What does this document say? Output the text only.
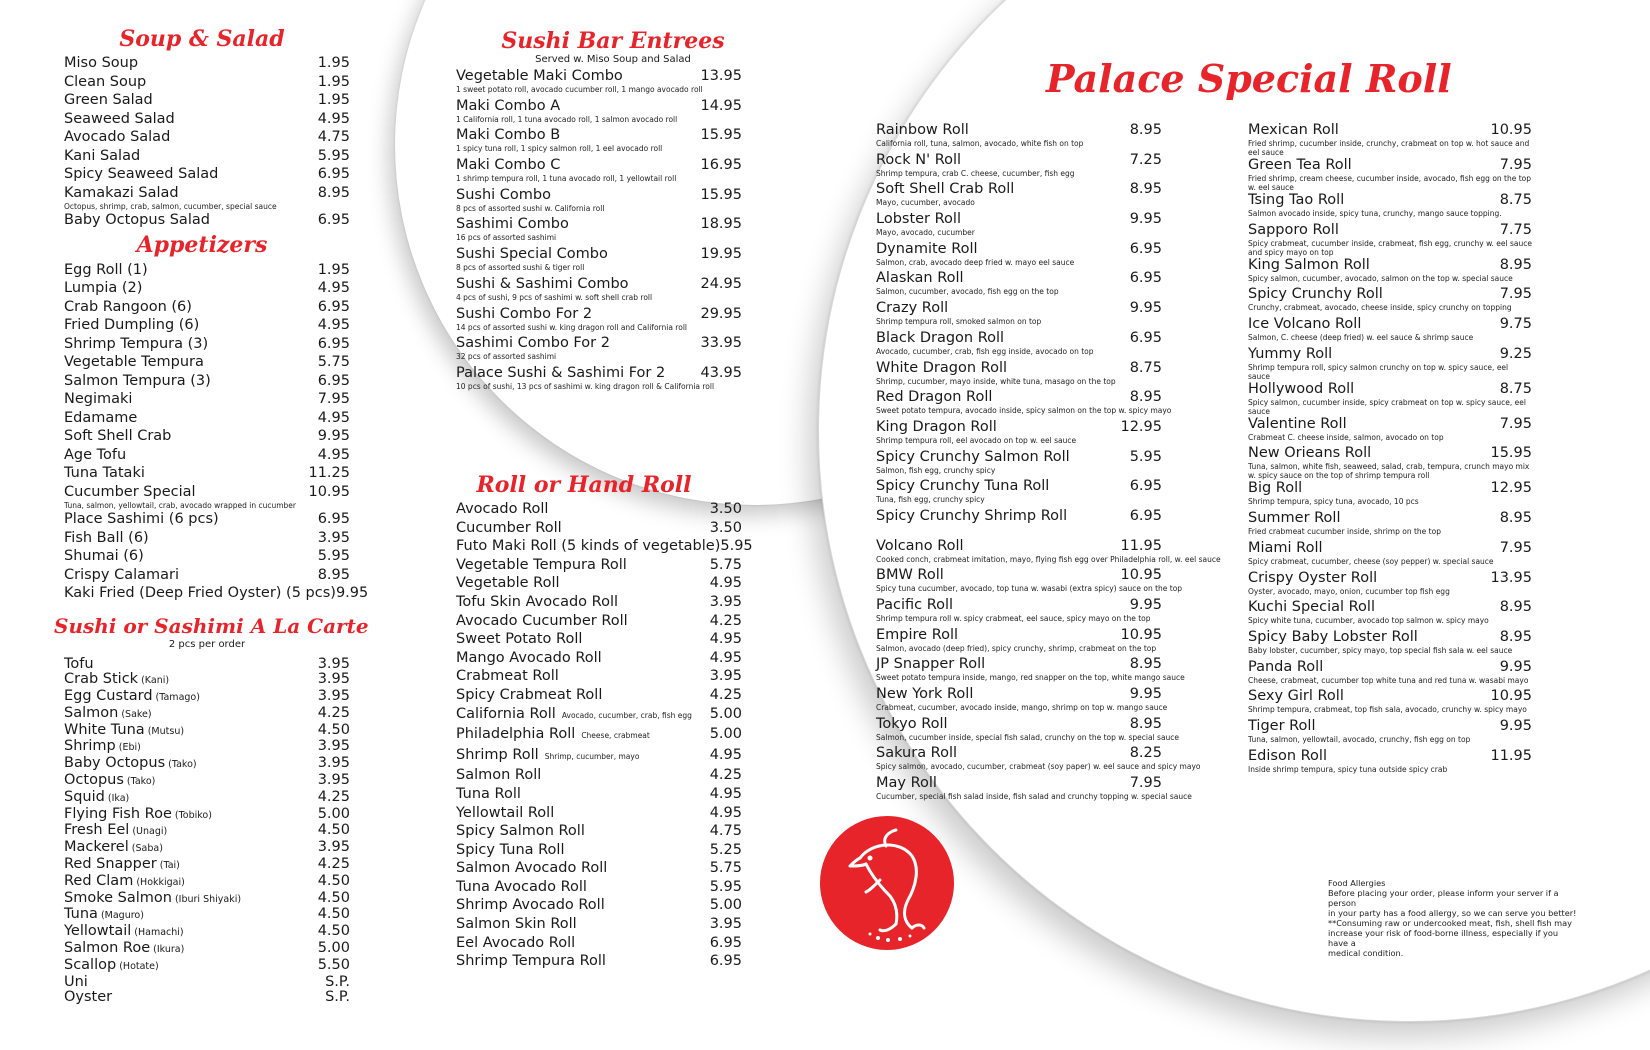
Soup & Salad
Miso Soup	1.95
Clean Soup	1.95
Green Salad	1.95
Seaweed Salad	4.95
Avocado Salad	4.75
Kani Salad	5.95
Spicy Seaweed Salad	6.95
Kamakazi Salad	8.95
Octopus, shrimp, crab, salmon, cucumber, special sauce
Baby Octopus Salad	6.95
Appetizers
Egg Roll (1)	1.95
Lumpia (2)	4.95
Crab Rangoon (6)	6.95
Fried Dumpling (6)	4.95
Shrimp Tempura (3)	6.95
Vegetable Tempura	5.75
Salmon Tempura (3)	6.95
Negimaki	7.95
Edamame	4.95
Soft Shell Crab	9.95
Age Tofu	4.95
Tuna Tataki	11.25
Cucumber Special	10.95
Tuna, salmon, yellowtail, crab, avocado wrapped in cucumber
Place Sashimi (6 pcs)	6.95
Fish Ball (6)	3.95
Shumai (6)	5.95
Crispy Calamari	8.95
Kaki Fried (Deep Fried Oyster) (5 pcs) 9.95
Sushi or Sashimi A La Carte
2 pcs per order
Tofu	3.95
Crab Stick (Kani)	3.95
Egg Custard (Tamago)	3.95
Salmon (Sake)	4.25
White Tuna (Mutsu)	4.50
Shrimp (Ebi)	3.95
Baby Octopus (Tako)	3.95
Octopus (Tako)	3.95
Squid (Ika)	4.25
Flying Fish Roe (Tobiko)	5.00
Fresh Eel (Unagi)	4.50
Mackerel (Saba)	3.95
Red Snapper (Tai)	4.25
Red Clam (Hokkigai)	4.50
Smoke Salmon (Iburi Shiyaki)	4.50
Tuna (Maguro)	4.50
Yellowtail (Hamachi)	4.50
Salmon Roe (Ikura)	5.00
Scallop (Hotate)	5.50
Uni	S.P.
Oyster	S.P.
Sushi Bar Entrees
Served w. Miso Soup and Salad
Vegetable Maki Combo	13.95
1 sweet potato roll, avocado cucumber roll, 1 mango avocado roll
Maki Combo A	14.95
1 California roll, 1 tuna avocado roll, 1 salmon avocado roll
Maki Combo B	15.95
1 spicy tuna roll, 1 spicy salmon roll, 1 eel avocado roll
Maki Combo C	16.95
1 shrimp tempura roll, 1 tuna avocado roll, 1 yellowtail roll
Sushi Combo	15.95
8 pcs of assorted sushi w. California roll
Sashimi Combo	18.95
16 pcs of assorted sashimi
Sushi Special Combo	19.95
8 pcs of assorted sushi & tiger roll
Sushi & Sashimi Combo	24.95
4 pcs of sushi, 9 pcs of sashimi w. soft shell crab roll
Sushi Combo For 2	29.95
14 pcs of assorted sushi w. king dragon roll and California roll
Sashimi Combo For 2	33.95
32 pcs of assorted sashimi
Palace Sushi & Sashimi For 2 43.95
10 pcs of sushi, 13 pcs of sashimi w. king dragon roll & California roll
Roll or Hand Roll
Avocado Roll	3.50
Cucumber Roll	3.50
Futo Maki Roll (5 kinds of vegetable) 5.95
Vegetable Tempura Roll	5.75
Vegetable Roll	4.95
Tofu Skin Avocado Roll	3.95
Avocado Cucumber Roll	4.25
Sweet Potato Roll	4.95
Mango Avocado Roll	4.95
Crabmeat Roll	3.95
Spicy Crabmeat Roll	4.25
California Roll Avocado, cucumber, crab, fish egg 5.00
Philadelphia Roll Cheese, crabmeat	5.00
Shrimp Roll Shrimp, cucumber, mayo	4.95
Salmon Roll	4.25
Tuna Roll	4.95
Yellowtail Roll	4.95
Spicy Salmon Roll	4.75
Spicy Tuna Roll	5.25
Salmon Avocado Roll	5.75
Tuna Avocado Roll	5.95
Shrimp Avocado Roll	5.00
Salmon Skin Roll	3.95
Eel Avocado Roll	6.95
Shrimp Tempura Roll	6.95
Palace Special Roll
Rainbow Roll	8.95
California roll, tuna, salmon, avocado, white fish on top
Rock N' Roll	7.25
Shrimp tempura, crab C. cheese, cucumber, fish egg
Soft Shell Crab Roll	8.95
Mayo, cucumber, avocado
Lobster Roll	9.95
Mayo, avocado, cucumber
Dynamite Roll	6.95
Salmon, crab, avocado deep fried w. mayo eel sauce
Alaskan Roll	6.95
Salmon, cucumber, avocado, fish egg on the top
Crazy Roll	9.95
Shrimp tempura roll, smoked salmon on top
Black Dragon Roll	6.95
Avocado, cucumber, crab, fish egg inside, avocado on top
White Dragon Roll	8.75
Shrimp, cucumber, mayo inside, white tuna, masago on the top
Red Dragon Roll	8.95
Sweet potato tempura, avocado inside, spicy salmon on the top w. spicy mayo
King Dragon Roll	12.95
Shrimp tempura roll, eel avocado on top w. eel sauce
Spicy Crunchy Salmon Roll	5.95
Salmon, fish egg, crunchy spicy
Spicy Crunchy Tuna Roll	6.95
Tuna, fish egg, crunchy spicy
Spicy Crunchy Shrimp Roll	6.95
Volcano Roll	11.95
Cooked conch, crabmeat imitation, mayo, flying fish egg over Philadelphia roll, w. eel sauce
BMW Roll	10.95
Spicy tuna cucumber, avocado, top tuna w. wasabi (extra spicy) sauce on the top
Pacific Roll	9.95
Shrimp tempura roll w. spicy crabmeat, eel sauce, spicy mayo on the top
Empire Roll	10.95
Salmon, avocado (deep fried), spicy crunchy, shrimp, crabmeat on the top
JP Snapper Roll	8.95
Sweet potato tempura inside, mango, red snapper on the top, white mango sauce
New York Roll	9.95
Crabmeat, cucumber, avocado inside, mango, shrimp on top w. mango sauce
Tokyo Roll	8.95
Salmon, cucumber inside, special fish salad, crunchy on the top w. special sauce
Sakura Roll	8.25
Spicy salmon, avocado, cucumber, crabmeat (soy paper) w. eel sauce and spicy mayo
May Roll	7.95
Cucumber, special fish salad inside, fish salad and crunchy topping w. special sauce
Mexican Roll	10.95
Fried shrimp, cucumber inside, crunchy, crabmeat on top w. hot sauce and eel sauce
Green Tea Roll	7.95
Fried shrimp, cream cheese, cucumber inside, avocado, fish egg on the top w. eel sauce
Tsing Tao Roll	8.75
Salmon avocado inside, spicy tuna, crunchy, mango sauce topping.
Sapporo Roll	7.75
Spicy crabmeat, cucumber inside, crabmeat, fish egg, crunchy w. eel sauce and spicy mayo on top
King Salmon Roll	8.95
Spicy salmon, cucumber, avocado, salmon on the top w. special sauce
Spicy Crunchy Roll	7.95
Crunchy, crabmeat, avocado, cheese inside, spicy crunchy on topping
Ice Volcano Roll	9.75
Salmon, C. cheese (deep fried) w. eel sauce & shrimp sauce
Yummy Roll	9.25
Shrimp tempura roll, spicy salmon crunchy on top w. spicy sauce, eel sauce
Hollywood Roll	8.75
Spicy salmon, cucumber inside, spicy crabmeat on top w. spicy sauce, eel sauce
Valentine Roll	7.95
Crabmeat C. cheese inside, salmon, avocado on top
New Orieans Roll	15.95
Tuna, salmon, white fish, seaweed, salad, crab, tempura, crunch mayo mix w. spicy sauce on the top of shrimp tempura roll
Big Roll	12.95
Shrimp tempura, spicy tuna, avocado, 10 pcs
Summer Roll	8.95
Fried crabmeat cucumber inside, shrimp on the top
Miami Roll	7.95
Spicy crabmeat, cucumber, cheese (soy pepper) w. special sauce
Crispy Oyster Roll	13.95
Oyster, avocado, mayo, onion, cucumber top fish egg
Kuchi Special Roll	8.95
Spicy white tuna, cucumber, avocado top salmon w. spicy mayo
Spicy Baby Lobster Roll	8.95
Baby lobster, cucumber, spicy mayo, top special fish sala w. eel sauce
Panda Roll	9.95
Cheese, crabmeat, cucumber top white tuna and red tuna w. wasabi mayo
Sexy Girl Roll	10.95
Shrimp tempura, crabmeat, top fish sala, avocado, crunchy w. spicy mayo
Tiger Roll	9.95
Tuna, salmon, yellowtail, avocado, crunchy, fish egg on top
Edison Roll	11.95
Inside shrimp tempura, spicy tuna outside spicy crab
Food Allergies
Before placing your order, please inform your server if a person
in your party has a food allergy, so we can serve you better!
**Consuming raw or undercooked meat, fish, shell fish may
increase your risk of food-borne illness, especially if you have a
medical condition.
